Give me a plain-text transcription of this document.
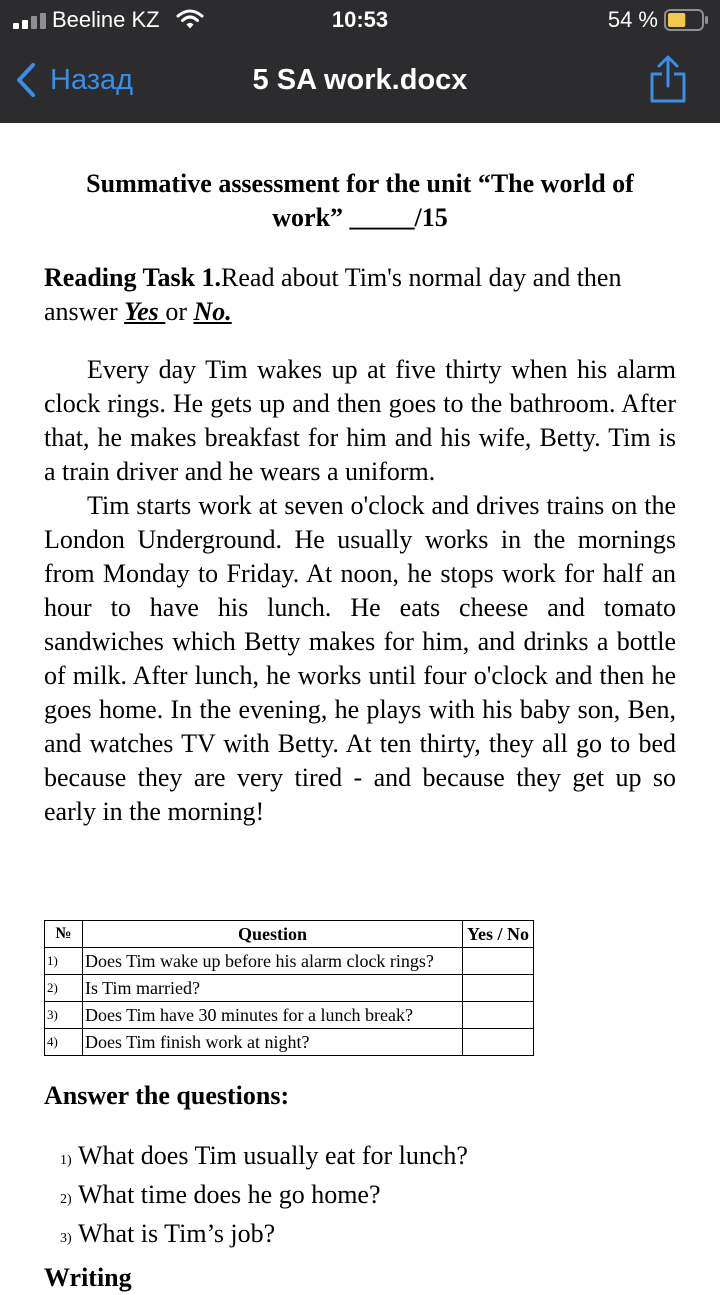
Beeline KZ	10:53	54 %
Назад	5 SA work.docx
Summative assessment for the unit “The world of
work” _____/15
Reading Task 1.Read about Tim's normal day and then answer Yes or No.

Every day Tim wakes up at five thirty when his alarm clock rings. He gets up and then goes to the bathroom. After that, he makes breakfast for him and his wife, Betty. Tim is a train driver and he wears a uniform.

Tim starts work at seven o'clock and drives trains on the London Underground. He usually works in the mornings from Monday to Friday. At noon, he stops work for half an hour to have his lunch. He eats cheese and tomato sandwiches which Betty makes for him, and drinks a bottle of milk. After lunch, he works until four o'clock and then he goes home. In the evening, he plays with his baby son, Ben, and watches TV with Betty. At ten thirty, they all go to bed because they are very tired - and because they get up so early in the morning!

№	Question	Yes / No
1)	Does Tim wake up before his alarm clock rings?	
2)	Is Tim married?	
3)	Does Tim have 30 minutes for a lunch break?	
4)	Does Tim finish work at night?	
Answer the questions:
1) What does Tim usually eat for lunch?
2) What time does he go home?
3) What is Tim’s job?
Writing
